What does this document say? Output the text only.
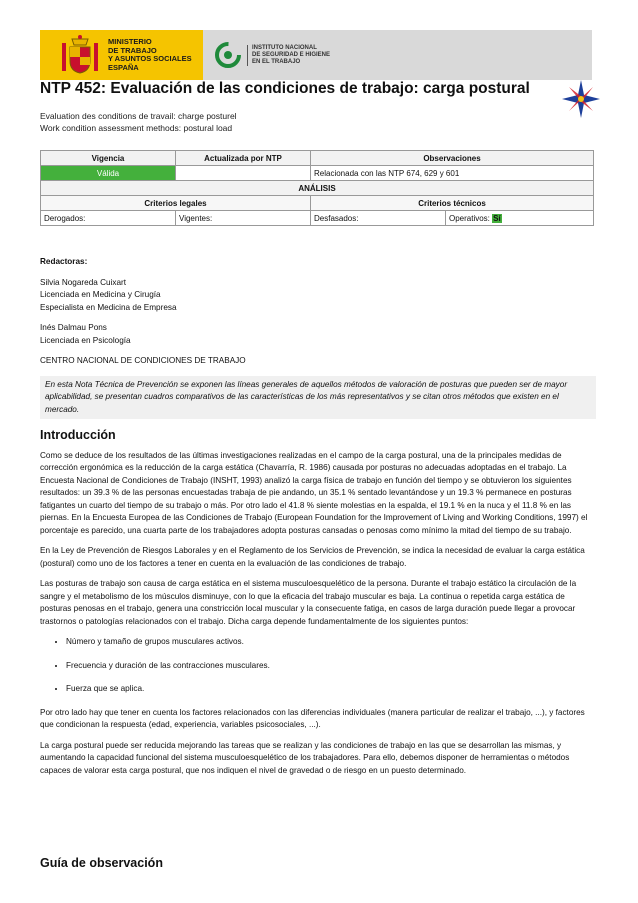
MINISTERIO
DE TRABAJO
Y ASUNTOS SOCIALES
ESPAÑA
INSTITUTO NACIONAL
DE SEGURIDAD E HIGIENE
EN EL TRABAJO
NTP 452: Evaluación de las condiciones de trabajo: carga postural
Evaluation des conditions de travail: charge posturel
Work condition assessment methods: postural load
Vigencia	Actualizada por NTP	Observaciones	
Válida		Relacionada con las NTP 674, 629 y 601	
ANÁLISIS			
Criterios legales		Criterios técnicos	
Derogados:	Vigentes:	Desfasados:	Operativos: Sí

Redactoras:

Silvia Nogareda Cuixart
Licenciada en Medicina y Cirugía
Especialista en Medicina de Empresa

Inés Dalmau Pons
Licenciada en Psicología

CENTRO NACIONAL DE CONDICIONES DE TRABAJO

En esta Nota Técnica de Prevención se exponen las líneas generales de aquellos métodos de valoración de posturas que pueden ser de mayor aplicabilidad, se presentan cuadros comparativos de las características de los más representativos y se citan otros métodos que existen en el mercado.
Introducción

Como se deduce de los resultados de las últimas investigaciones realizadas en el campo de la carga postural, una de la principales medidas de corrección ergonómica es la reducción de la carga estática (Chavarría, R. 1986) causada por posturas no adecuadas adoptadas en el trabajo. La Encuesta Nacional de Condiciones de Trabajo (INSHT, 1993) analizó la carga física de trabajo en función del tiempo y se obtuvieron los siguientes resultados: un 39.3 % de las personas encuestadas trabaja de pie andando, un 35.1 % sentado levantándose y un 19.3 % permanece en posturas fatigantes un cuarto del tiempo de su trabajo o más. Por otro lado el 41.8 % siente molestias en la espalda, el 19.1 % en la nuca y el 11.8 % en las piernas. En la Encuesta Europea de las Condiciones de Trabajo (European Foundation for the Improvement of Living and Working Conditions, 1997) el porcentaje es parecido, una cuarta parte de los trabajadores adopta posturas cansadas o penosas como mínimo la mitad del tiempo de su trabajo.

En la Ley de Prevención de Riesgos Laborales y en el Reglamento de los Servicios de Prevención, se indica la necesidad de evaluar la carga estática (postural) como uno de los factores a tener en cuenta en la evaluación de las condiciones de trabajo.

Las posturas de trabajo son causa de carga estática en el sistema musculoesquelético de la persona. Durante el trabajo estático la circulación de la sangre y el metabolismo de los músculos disminuye, con lo que la eficacia del trabajo muscular es baja. La continua o repetida carga estática de posturas penosas en el trabajo, genera una constricción local muscular y la consecuente fatiga, en casos de larga duración puede llegar a provocar trastornos o patologías relacionados con el trabajo. Dicha carga depende fundamentalmente de los siguientes puntos:

• Número y tamaño de grupos musculares activos.
• Frecuencia y duración de las contracciones musculares.
• Fuerza que se aplica.

Por otro lado hay que tener en cuenta los factores relacionados con las diferencias individuales (manera particular de realizar el trabajo, ...), y factores que condicionan la respuesta (edad, experiencia, variables psicosociales, ...).

La carga postural puede ser reducida mejorando las tareas que se realizan y las condiciones de trabajo en las que se desarrollan las mismas, y aumentando la capacidad funcional del sistema musculoesquelético de los trabajadores. Para ello, debemos disponer de herramientas o métodos capaces de valorar esta carga postural, que nos indiquen el nivel de gravedad o de riesgo en un puesto determinado.

Guía de observación
